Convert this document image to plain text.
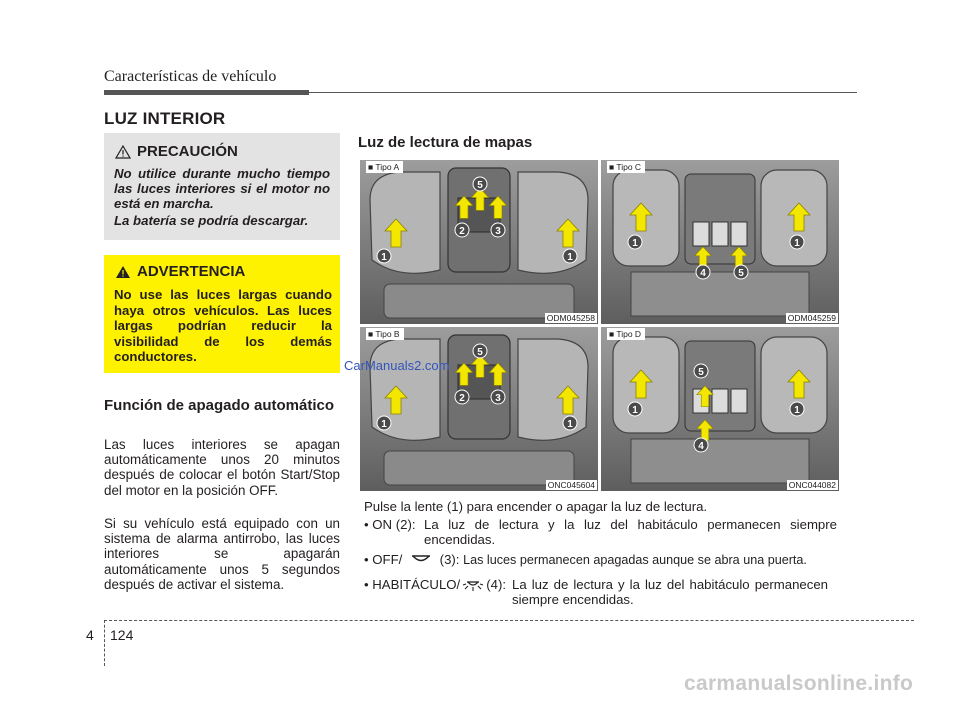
Características de vehículo
LUZ INTERIOR
PRECAUCIÓN
No utilice durante mucho tiempo las luces interiores si el motor no está en marcha.
La batería se podría descargar.
ADVERTENCIA
No use las luces largas cuando haya otros vehículos. Las luces largas podrían reducir la visibilidad de los demás conductores.
Función de apagado automático
Las luces interiores se apagan automáticamente unos 20 minutos después de colocar el botón Start/Stop del motor en la posición OFF.
Si su vehículo está equipado con un sistema de alarma antirrobo, las luces interiores se apagarán automáticamente unos 5 segundos después de activar el sistema.
Luz de lectura de mapas
1	1
5
2	3
■ Tipo A
ODM045258
1	1
4	5
■ Tipo C
ODM045259
1	1
5
2	3
■ Tipo B
ONC045604
1	1
5
4
■ Tipo D
ONC044082
CarManuals2.com
Pulse la lente (1) para encender o apagar la luz de lectura.
• ON (2): La luz de lectura y la luz del habitáculo permanecen siempre encendidas.
• OFF/	(3): Las luces permanecen apagadas aunque se abra una puerta.
• HABITÁCULO/ (4): La luz de lectura y la luz del habitáculo permanecen siempre encendidas.
4 124
carmanualsonline.info
